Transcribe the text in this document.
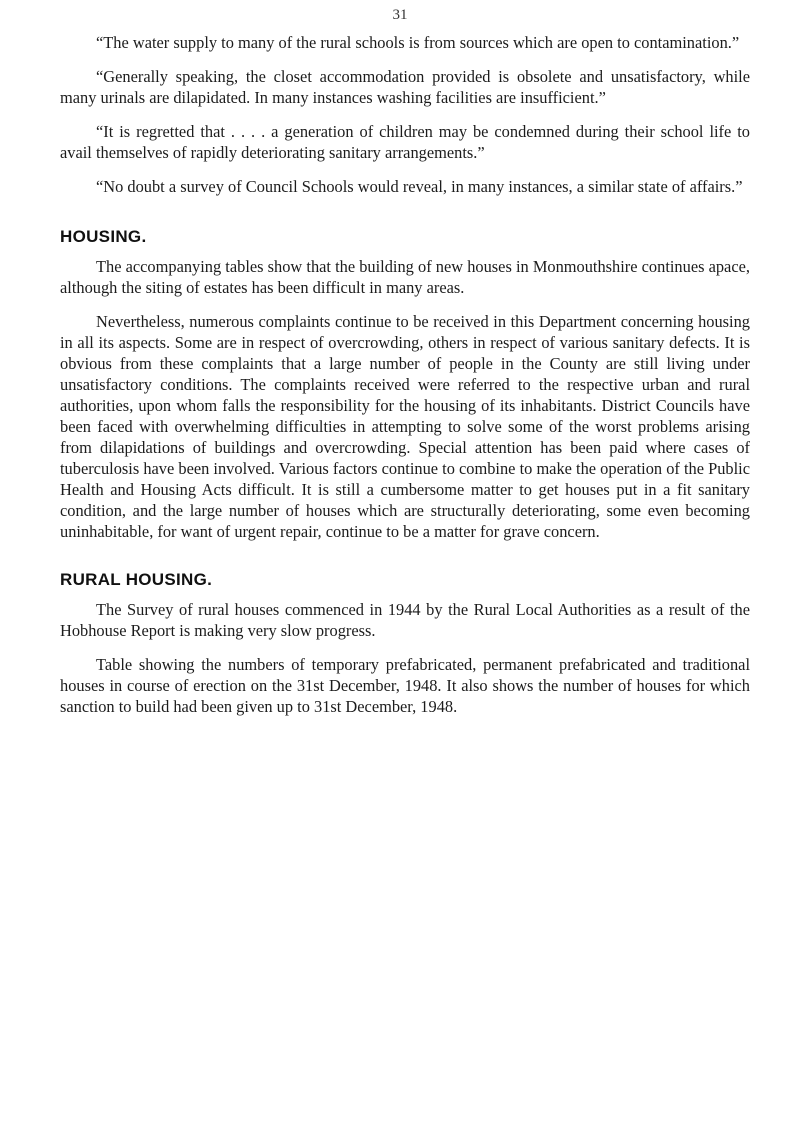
31

“The water supply to many of the rural schools is from sources which are open to contamination.”

“Generally speaking, the closet accommodation provided is obsolete and unsatisfactory, while many urinals are dilapidated. In many instances washing facilities are insufficient.”

“It is regretted that . . . . a generation of children may be condemned during their school life to avail themselves of rapidly deteriorating sanitary arrangements.”

“No doubt a survey of Council Schools would reveal, in many instances, a similar state of affairs.”

HOUSING.

The accompanying tables show that the building of new houses in Monmouthshire continues apace, although the siting of estates has been difficult in many areas.

Nevertheless, numerous complaints continue to be received in this Department concerning housing in all its aspects. Some are in respect of overcrowding, others in respect of various sanitary defects. It is obvious from these complaints that a large number of people in the County are still living under unsatisfactory conditions. The complaints received were referred to the respective urban and rural authorities, upon whom falls the responsibility for the housing of its inhabitants. District Councils have been faced with overwhelming difficulties in attempting to solve some of the worst problems arising from dilapidations of buildings and overcrowding. Special attention has been paid where cases of tuberculosis have been involved. Various factors continue to combine to make the operation of the Public Health and Housing Acts difficult. It is still a cumbersome matter to get houses put in a fit sanitary condition, and the large number of houses which are structurally deteriorating, some even becoming uninhabitable, for want of urgent repair, continue to be a matter for grave concern.

RURAL HOUSING.

The Survey of rural houses commenced in 1944 by the Rural Local Authorities as a result of the Hobhouse Report is making very slow progress.

Table showing the numbers of temporary prefabricated, permanent prefabricated and traditional houses in course of erection on the 31st December, 1948. It also shows the number of houses for which sanction to build had been given up to 31st December, 1948.
